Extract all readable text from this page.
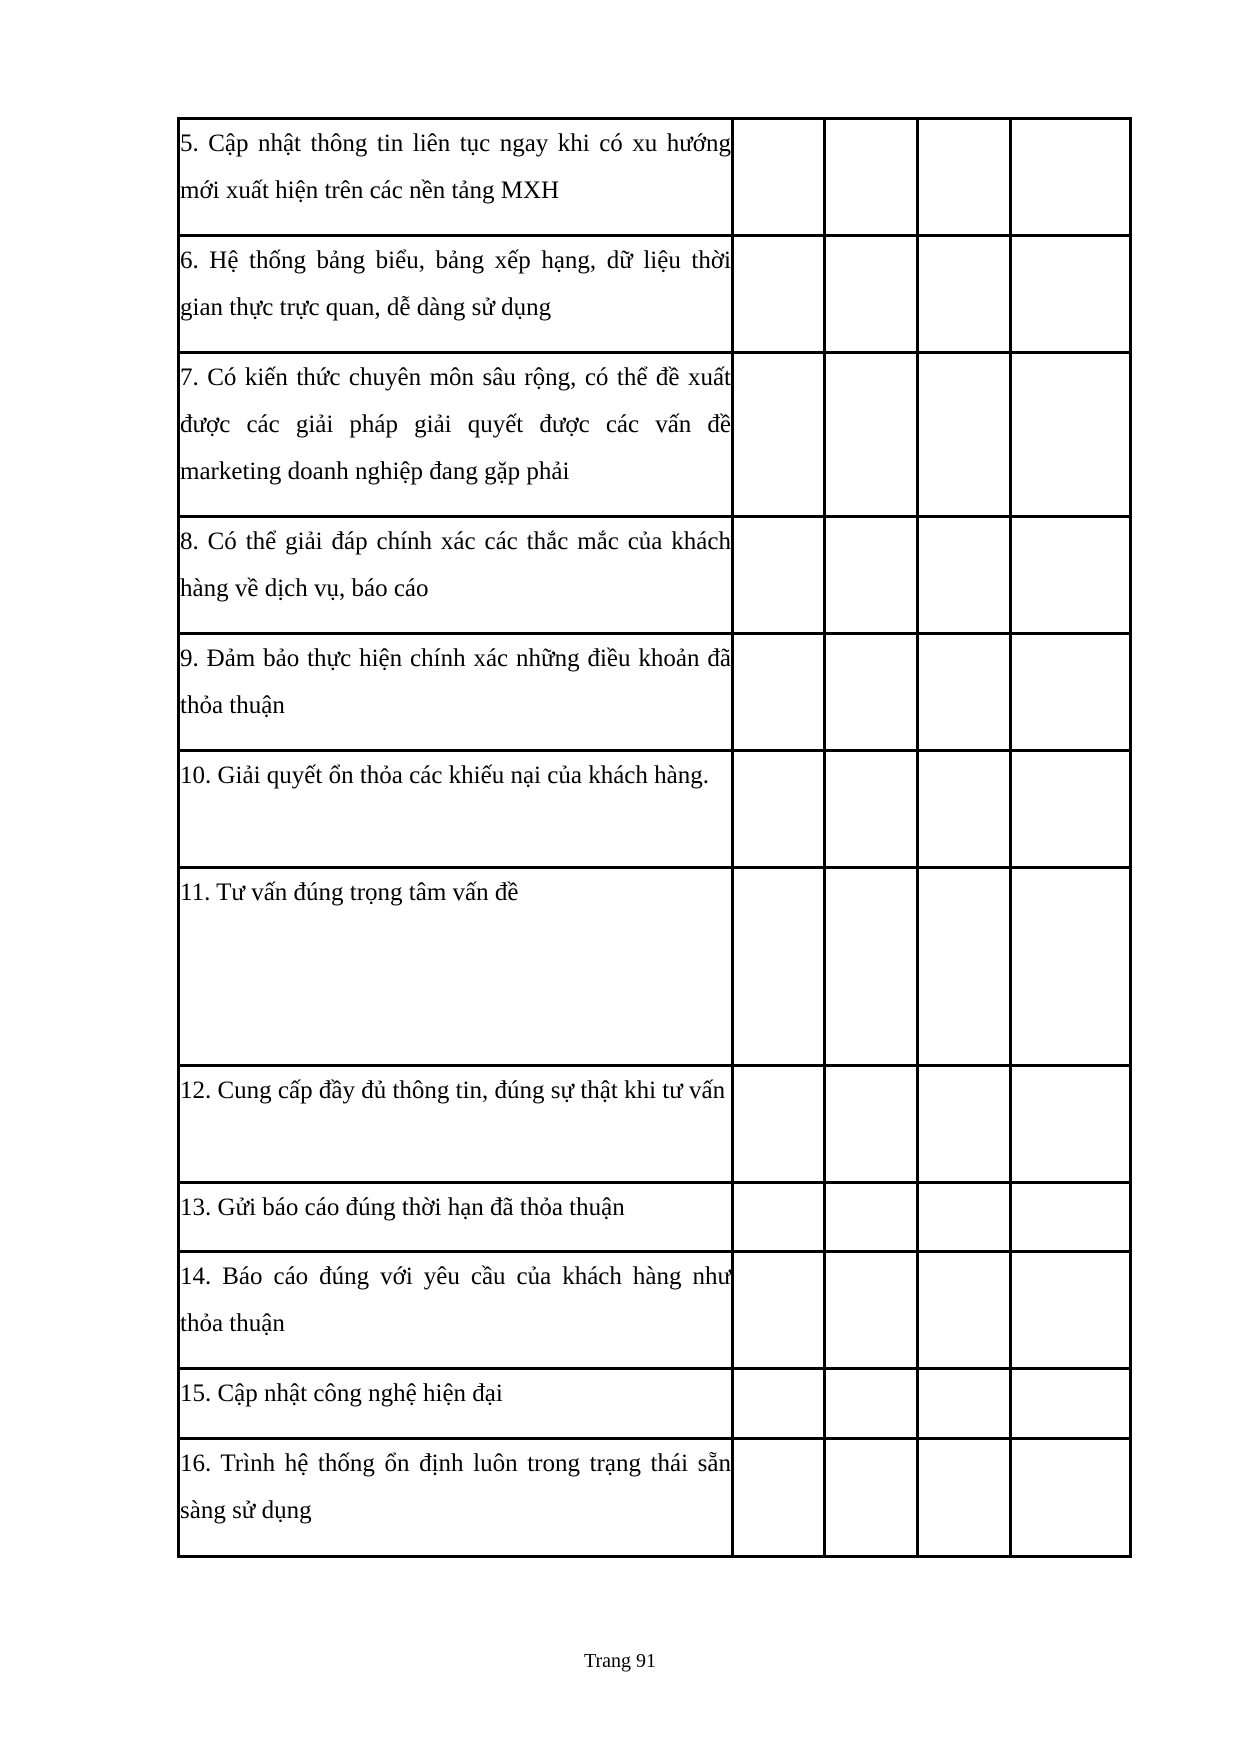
5. Cập nhật thông tin liên tục ngay khi có xu hướng mới xuất hiện trên các nền tảng MXH				
6. Hệ thống bảng biểu, bảng xếp hạng, dữ liệu thời gian thực trực quan, dễ dàng sử dụng				
7. Có kiến thức chuyên môn sâu rộng, có thể đề xuất được các giải pháp giải quyết được các vấn đề marketing doanh nghiệp đang gặp phải				
8. Có thể giải đáp chính xác các thắc mắc của khách hàng về dịch vụ, báo cáo				
9. Đảm bảo thực hiện chính xác những điều khoản đã thỏa thuận				
10. Giải quyết ổn thỏa các khiếu nại của khách hàng.				
11. Tư vấn đúng trọng tâm vấn đề				
12. Cung cấp đầy đủ thông tin, đúng sự thật khi tư vấn				
13. Gửi báo cáo đúng thời hạn đã thỏa thuận				
14. Báo cáo đúng với yêu cầu của khách hàng như thỏa thuận				
15. Cập nhật công nghệ hiện đại				
16. Trình hệ thống ổn định luôn trong trạng thái sẵn sàng sử dụng				
Trang 91
